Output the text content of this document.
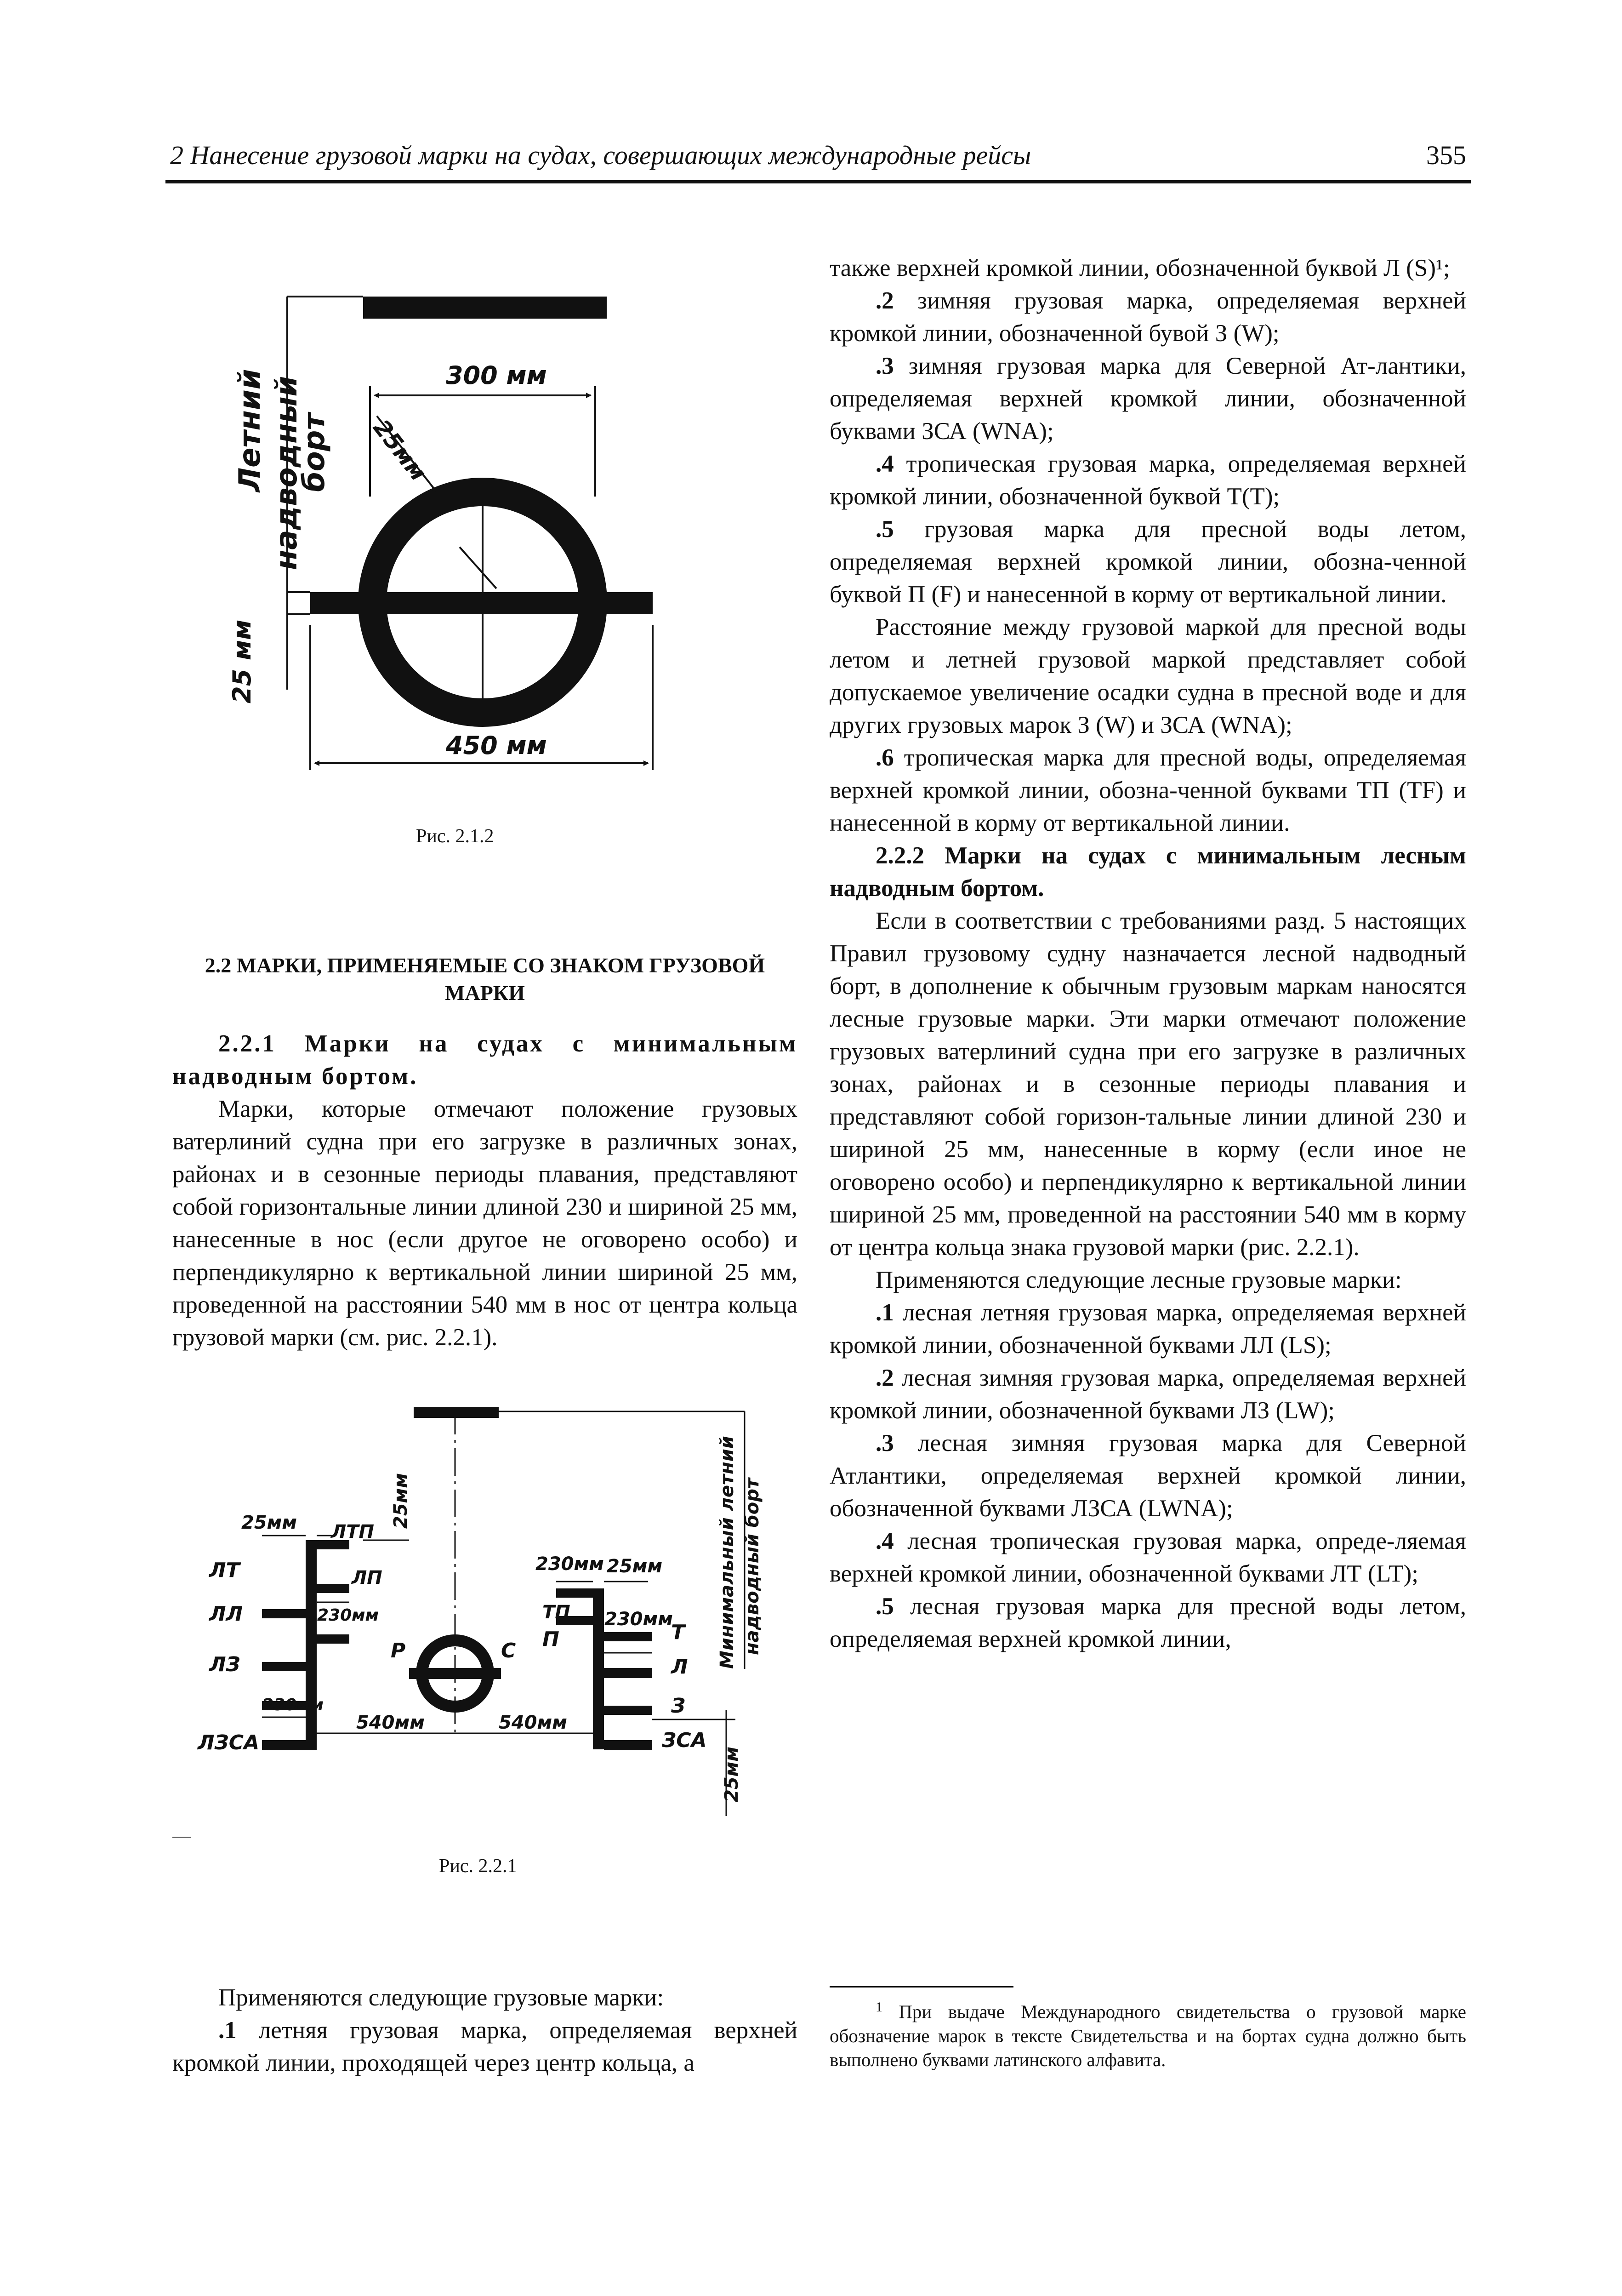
2 Нанесение грузовой марки на судах, совершающих международные рейсы	355
Летний надводный
борт
300 мм
25мм
25 мм
450 мм
Рис. 2.1.2
2.2 МАРКИ, ПРИМЕНЯЕМЫЕ СО ЗНАКОМ ГРУЗОВОЙ
МАРКИ

2.2.1 Марки на судах с минимальным надводным бортом.

Марки, которые отмечают положение грузовых ватерлиний судна при его загрузке в различных зонах, районах и в сезонные периоды плавания, представляют собой горизонтальные линии длиной 230 и шириной 25 мм, нанесенные в нос (если другое не оговорено особо) и перпендикулярно к вертикальной линии шириной 25 мм, проведенной на расстоянии 540 мм в нос от центра кольца грузовой марки (см. рис. 2.2.1).

25мм ЛТП
25мм
ЛТ	ЛП
ЛЛ	230мм
ЛЗ
230мм
ЛЗСА
540мм	540мм
Р	С
230мм 25мм
ТП 230мм
П	Т
Л
З
ЗСА
25мм
Минимальный летний надводный борт
Рис. 2.2.1

Применяются следующие грузовые марки:

.1 летняя грузовая марка, определяемая верхней кромкой линии, проходящей через центр кольца, а

также верхней кромкой линии, обозначенной буквой Л (S)¹;

.2 зимняя грузовая марка, определяемая верхней кромкой линии, обозначенной бувой З (W);

.3 зимняя грузовая марка для Северной Ат-лантики, определяемая верхней кромкой линии, обозначенной буквами ЗСА (WNA);

.4 тропическая грузовая марка, определяемая верхней кромкой линии, обозначенной буквой Т(T);

.5 грузовая марка для пресной воды летом, определяемая верхней кромкой линии, обозна-ченной буквой П (F) и нанесенной в корму от вертикальной линии.

Расстояние между грузовой маркой для пресной воды летом и летней грузовой маркой представляет собой допускаемое увеличение осадки судна в пресной воде и для других грузовых марок З (W) и ЗСА (WNA);

.6 тропическая марка для пресной воды, определяемая верхней кромкой линии, обозна-ченной буквами ТП (TF) и нанесенной в корму от вертикальной линии.

2.2.2 Марки на судах с минимальным лесным надводным бортом.

Если в соответствии с требованиями разд. 5 настоящих Правил грузовому судну назначается лесной надводный борт, в дополнение к обычным грузовым маркам наносятся лесные грузовые марки. Эти марки отмечают положение грузовых ватерлиний судна при его загрузке в различных зонах, районах и в сезонные периоды плавания и представляют собой горизон-тальные линии длиной 230 и шириной 25 мм, нанесенные в корму (если иное не оговорено особо) и перпендикулярно к вертикальной линии шириной 25 мм, проведенной на расстоянии 540 мм в корму от центра кольца знака грузовой марки (рис. 2.2.1).

Применяются следующие лесные грузовые марки:

.1 лесная летняя грузовая марка, определяемая верхней кромкой линии, обозначенной буквами ЛЛ (LS);

.2 лесная зимняя грузовая марка, определяемая верхней кромкой линии, обозначенной буквами ЛЗ (LW);

.3 лесная зимняя грузовая марка для Северной Атлантики, определяемая верхней кромкой линии, обозначенной буквами ЛЗСА (LWNA);

.4 лесная тропическая грузовая марка, опреде-ляемая верхней кромкой линии, обозначенной буквами ЛТ (LT);

.5 лесная грузовая марка для пресной воды летом, определяемая верхней кромкой линии,

$^1$ При выдаче Международного свидетельства о грузовой марке обозначение марок в тексте Свидетельства и на бортах судна должно быть выполнено буквами латинского алфавита.
